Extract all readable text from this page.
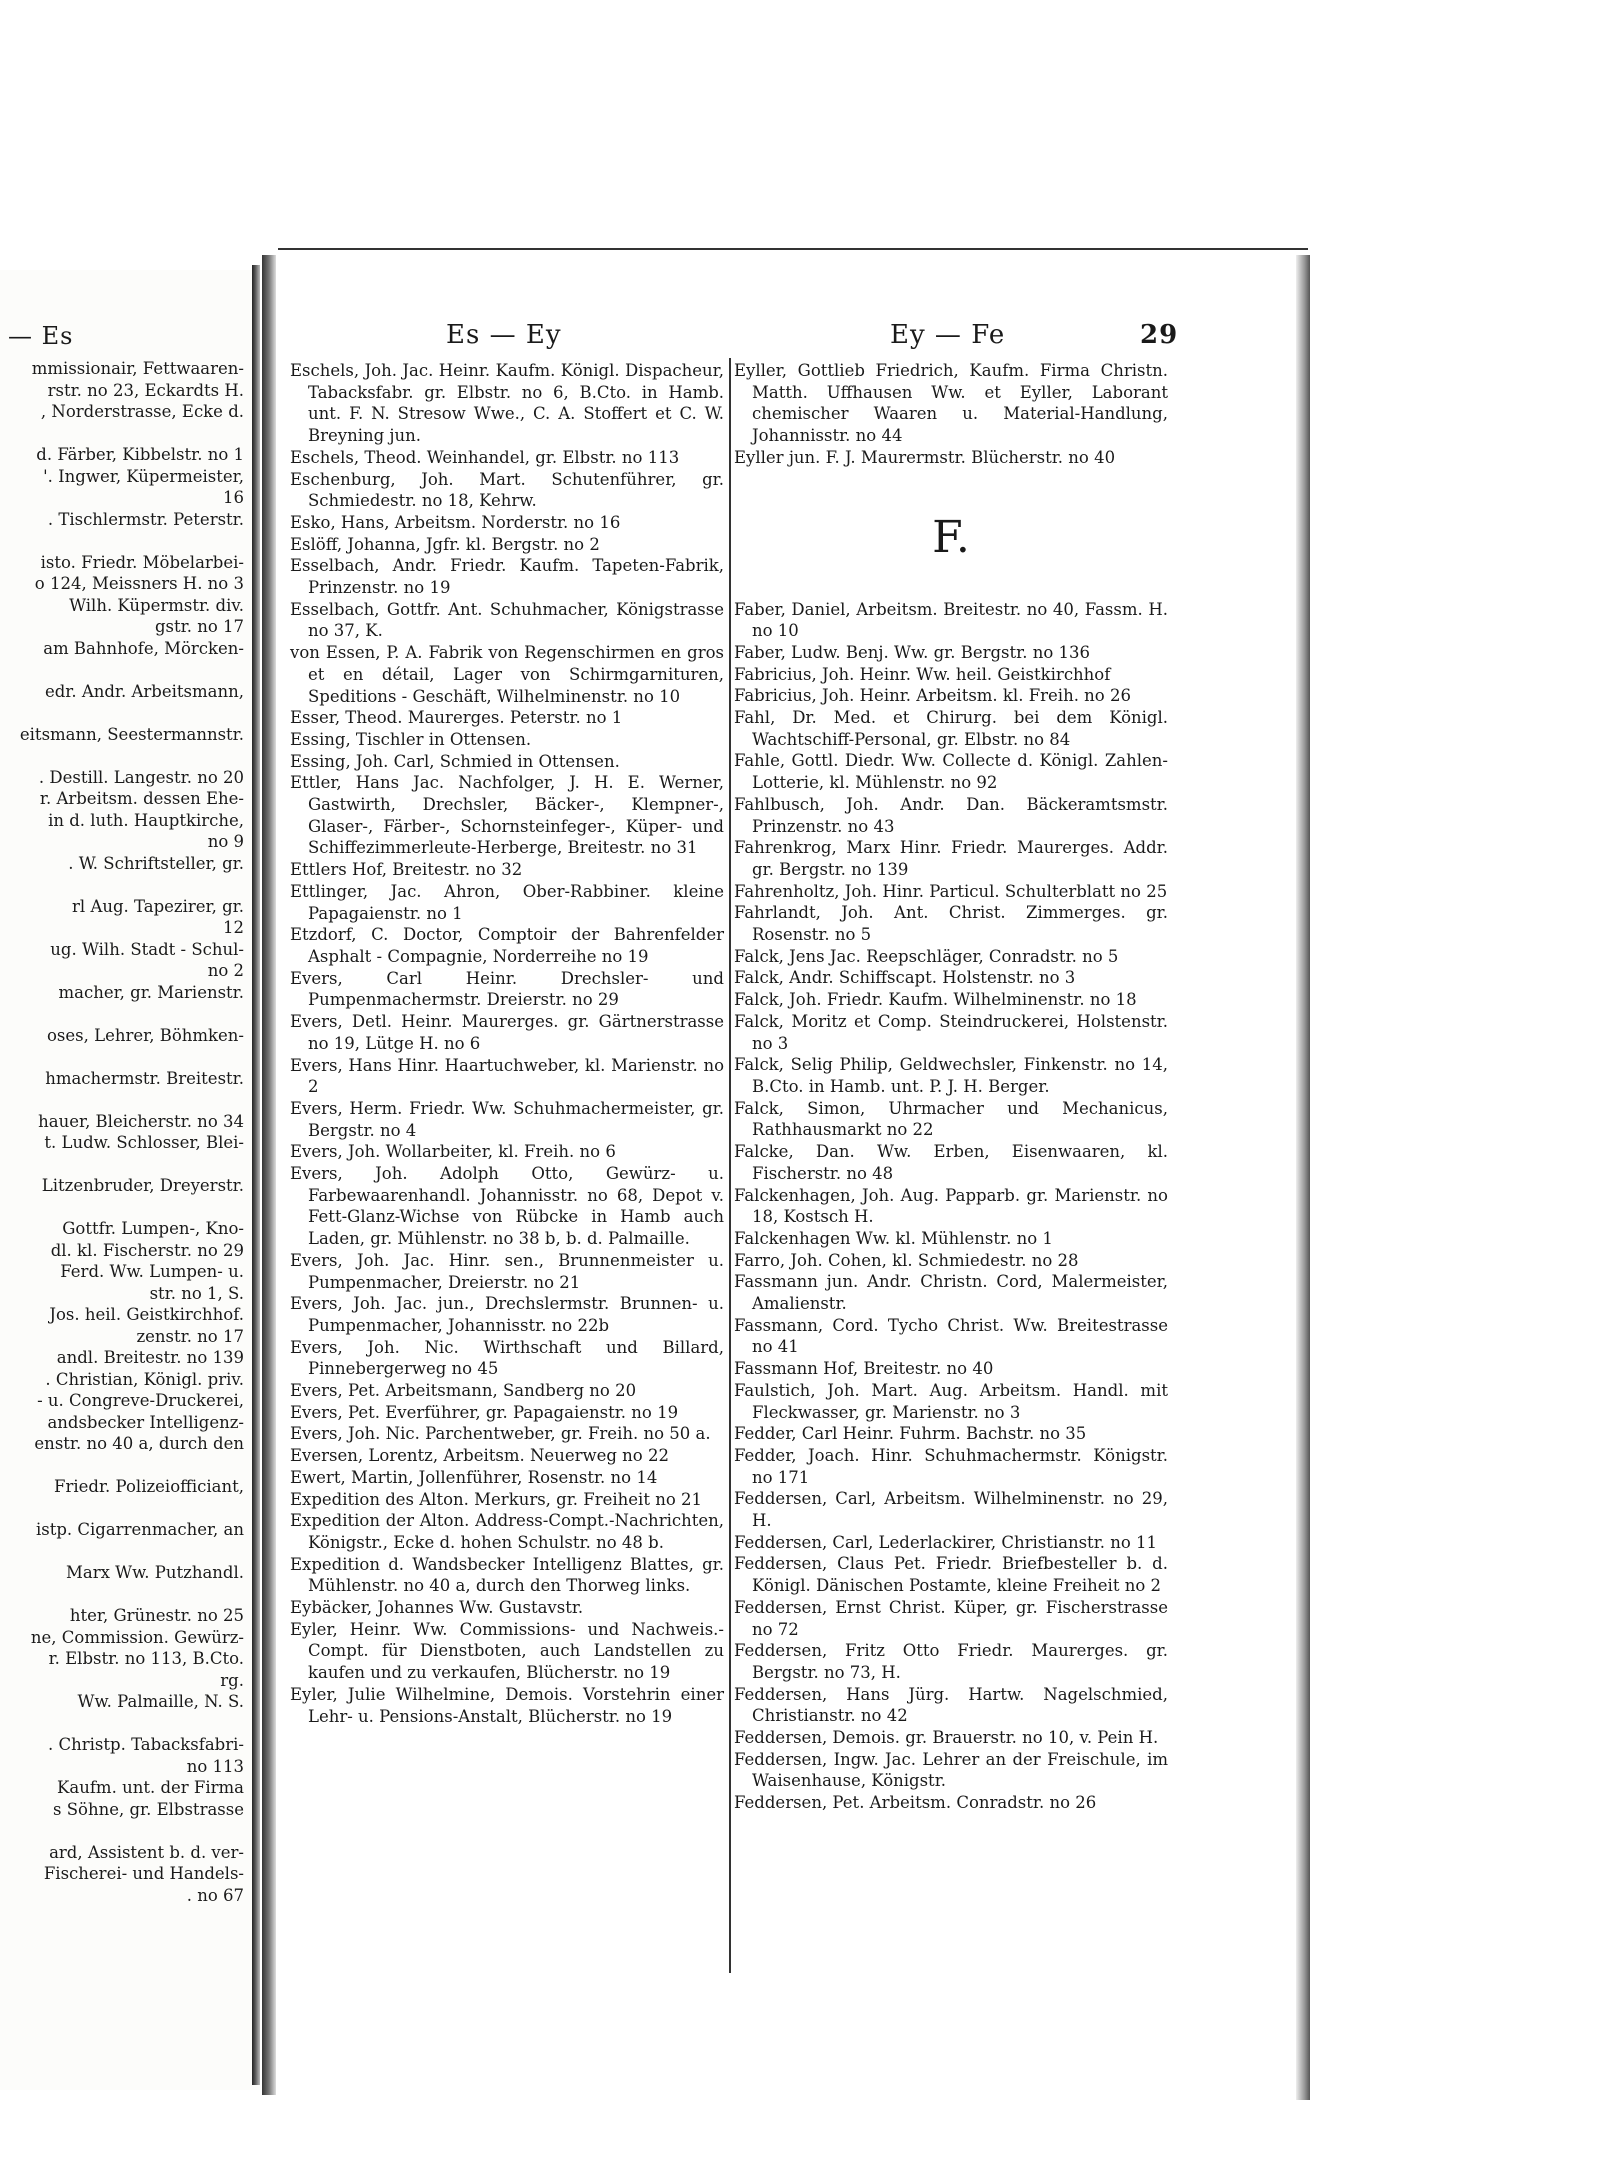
— Es

mmissionair, Fettwaaren-

rstr. no 23, Eckardts H.

, Norderstrasse, Ecke d.

d. Färber, Kibbelstr. no 1

'. Ingwer, Küpermeister,

16

. Tischlermstr. Peterstr.

isto. Friedr. Möbelarbei-

o 124, Meissners H. no 3

Wilh. Küpermstr. div.

gstr. no 17

am Bahnhofe, Mörcken-

edr. Andr. Arbeitsmann,

eitsmann, Seestermannstr.

. Destill. Langestr. no 20

r. Arbeitsm. dessen Ehe-

in d. luth. Hauptkirche,

no 9

. W. Schriftsteller, gr.

rl Aug. Tapezirer, gr.

12

ug. Wilh. Stadt - Schul-

no 2

macher, gr. Marienstr.

oses, Lehrer, Böhmken-

hmachermstr. Breitestr.

hauer, Bleicherstr. no 34

t. Ludw. Schlosser, Blei-

Litzenbruder, Dreyerstr.

Gottfr. Lumpen-, Kno-

dl. kl. Fischerstr. no 29

Ferd. Ww. Lumpen- u.

str. no 1, S.

Jos. heil. Geistkirchhof.

zenstr. no 17

andl. Breitestr. no 139

. Christian, Königl. priv.

- u. Congreve-Druckerei,

andsbecker Intelligenz-

enstr. no 40 a, durch den

Friedr. Polizeiofficiant,

istp. Cigarrenmacher, an

Marx Ww. Putzhandl.

hter, Grünestr. no 25

ne, Commission. Gewürz-

r. Elbstr. no 113, B.Cto.

rg.

Ww. Palmaille, N. S.

. Christp. Tabacksfabri-

no 113

Kaufm. unt. der Firma

s Söhne, gr. Elbstrasse

ard, Assistent b. d. ver-

Fischerei- und Handels-

. no 67

Es — Ey	Ey — Fe	29

Eschels, Joh. Jac. Heinr. Kaufm. Königl. Dispacheur, Tabacksfabr. gr. Elbstr. no 6, B.Cto. in Hamb. unt. F. N. Stresow Wwe., C. A. Stoffert et C. W. Breyning jun.

Eschels, Theod. Weinhandel, gr. Elbstr. no 113

Eschenburg, Joh. Mart. Schutenführer, gr. Schmiedestr. no 18, Kehrw.

Esko, Hans, Arbeitsm. Norderstr. no 16

Eslöff, Johanna, Jgfr. kl. Bergstr. no 2

Esselbach, Andr. Friedr. Kaufm. Tapeten-Fabrik, Prinzenstr. no 19

Esselbach, Gottfr. Ant. Schuhmacher, Königstrasse no 37, K.

von Essen, P. A. Fabrik von Regenschirmen en gros et en détail, Lager von Schirmgarnituren, Speditions - Geschäft, Wilhelminenstr. no 10

Esser, Theod. Maurerges. Peterstr. no 1

Essing, Tischler in Ottensen.

Essing, Joh. Carl, Schmied in Ottensen.

Ettler, Hans Jac. Nachfolger, J. H. E. Werner, Gastwirth, Drechsler, Bäcker-, Klempner-, Glaser-, Färber-, Schornsteinfeger-, Küper- und Schiffezimmerleute-Herberge, Breitestr. no 31

Ettlers Hof, Breitestr. no 32

Ettlinger, Jac. Ahron, Ober-Rabbiner. kleine Papagaienstr. no 1

Etzdorf, C. Doctor, Comptoir der Bahrenfelder Asphalt - Compagnie, Norderreihe no 19

Evers, Carl Heinr. Drechsler- und Pumpenmachermstr. Dreierstr. no 29

Evers, Detl. Heinr. Maurerges. gr. Gärtnerstrasse no 19, Lütge H. no 6

Evers, Hans Hinr. Haartuchweber, kl. Marienstr. no 2

Evers, Herm. Friedr. Ww. Schuhmachermeister, gr. Bergstr. no 4

Evers, Joh. Wollarbeiter, kl. Freih. no 6

Evers, Joh. Adolph Otto, Gewürz- u. Farbewaarenhandl. Johannisstr. no 68, Depot v. Fett-Glanz-Wichse von Rübcke in Hamb auch Laden, gr. Mühlenstr. no 38 b, b. d. Palmaille.

Evers, Joh. Jac. Hinr. sen., Brunnenmeister u. Pumpenmacher, Dreierstr. no 21

Evers, Joh. Jac. jun., Drechslermstr. Brunnen- u. Pumpenmacher, Johannisstr. no 22b

Evers, Joh. Nic. Wirthschaft und Billard, Pinnebergerweg no 45

Evers, Pet. Arbeitsmann, Sandberg no 20

Evers, Pet. Everführer, gr. Papagaienstr. no 19

Evers, Joh. Nic. Parchentweber, gr. Freih. no 50 a.

Eversen, Lorentz, Arbeitsm. Neuerweg no 22

Ewert, Martin, Jollenführer, Rosenstr. no 14

Expedition des Alton. Merkurs, gr. Freiheit no 21

Expedition der Alton. Address-Compt.-Nachrichten, Königstr., Ecke d. hohen Schulstr. no 48 b.

Expedition d. Wandsbecker Intelligenz Blattes, gr. Mühlenstr. no 40 a, durch den Thorweg links.

Eybäcker, Johannes Ww. Gustavstr.

Eyler, Heinr. Ww. Commissions- und Nachweis.-Compt. für Dienstboten, auch Landstellen zu kaufen und zu verkaufen, Blücherstr. no 19

Eyler, Julie Wilhelmine, Demois. Vorstehrin einer Lehr- u. Pensions-Anstalt, Blücherstr. no 19

Eyller, Gottlieb Friedrich, Kaufm. Firma Christn. Matth. Uffhausen Ww. et Eyller, Laborant chemischer Waaren u. Material-Handlung, Johannisstr. no 44

Eyller jun. F. J. Maurermstr. Blücherstr. no 40

F.

Faber, Daniel, Arbeitsm. Breitestr. no 40, Fassm. H. no 10

Faber, Ludw. Benj. Ww. gr. Bergstr. no 136

Fabricius, Joh. Heinr. Ww. heil. Geistkirchhof

Fabricius, Joh. Heinr. Arbeitsm. kl. Freih. no 26

Fahl, Dr. Med. et Chirurg. bei dem Königl. Wachtschiff-Personal, gr. Elbstr. no 84

Fahle, Gottl. Diedr. Ww. Collecte d. Königl. Zahlen-Lotterie, kl. Mühlenstr. no 92

Fahlbusch, Joh. Andr. Dan. Bäckeramtsmstr. Prinzenstr. no 43

Fahrenkrog, Marx Hinr. Friedr. Maurerges. Addr. gr. Bergstr. no 139

Fahrenholtz, Joh. Hinr. Particul. Schulterblatt no 25

Fahrlandt, Joh. Ant. Christ. Zimmerges. gr. Rosenstr. no 5

Falck, Jens Jac. Reepschläger, Conradstr. no 5

Falck, Andr. Schiffscapt. Holstenstr. no 3

Falck, Joh. Friedr. Kaufm. Wilhelminenstr. no 18

Falck, Moritz et Comp. Steindruckerei, Holstenstr. no 3

Falck, Selig Philip, Geldwechsler, Finkenstr. no 14, B.Cto. in Hamb. unt. P. J. H. Berger.

Falck, Simon, Uhrmacher und Mechanicus, Rathhausmarkt no 22

Falcke, Dan. Ww. Erben, Eisenwaaren, kl. Fischerstr. no 48

Falckenhagen, Joh. Aug. Papparb. gr. Marienstr. no 18, Kostsch H.

Falckenhagen Ww. kl. Mühlenstr. no 1

Farro, Joh. Cohen, kl. Schmiedestr. no 28

Fassmann jun. Andr. Christn. Cord, Malermeister, Amalienstr.

Fassmann, Cord. Tycho Christ. Ww. Breitestrasse no 41

Fassmann Hof, Breitestr. no 40

Faulstich, Joh. Mart. Aug. Arbeitsm. Handl. mit Fleckwasser, gr. Marienstr. no 3

Fedder, Carl Heinr. Fuhrm. Bachstr. no 35

Fedder, Joach. Hinr. Schuhmachermstr. Königstr. no 171

Feddersen, Carl, Arbeitsm. Wilhelminenstr. no 29, H.

Feddersen, Carl, Lederlackirer, Christianstr. no 11

Feddersen, Claus Pet. Friedr. Briefbesteller b. d. Königl. Dänischen Postamte, kleine Freiheit no 2

Feddersen, Ernst Christ. Küper, gr. Fischerstrasse no 72

Feddersen, Fritz Otto Friedr. Maurerges. gr. Bergstr. no 73, H.

Feddersen, Hans Jürg. Hartw. Nagelschmied, Christianstr. no 42

Feddersen, Demois. gr. Brauerstr. no 10, v. Pein H.

Feddersen, Ingw. Jac. Lehrer an der Freischule, im Waisenhause, Königstr.

Feddersen, Pet. Arbeitsm. Conradstr. no 26
